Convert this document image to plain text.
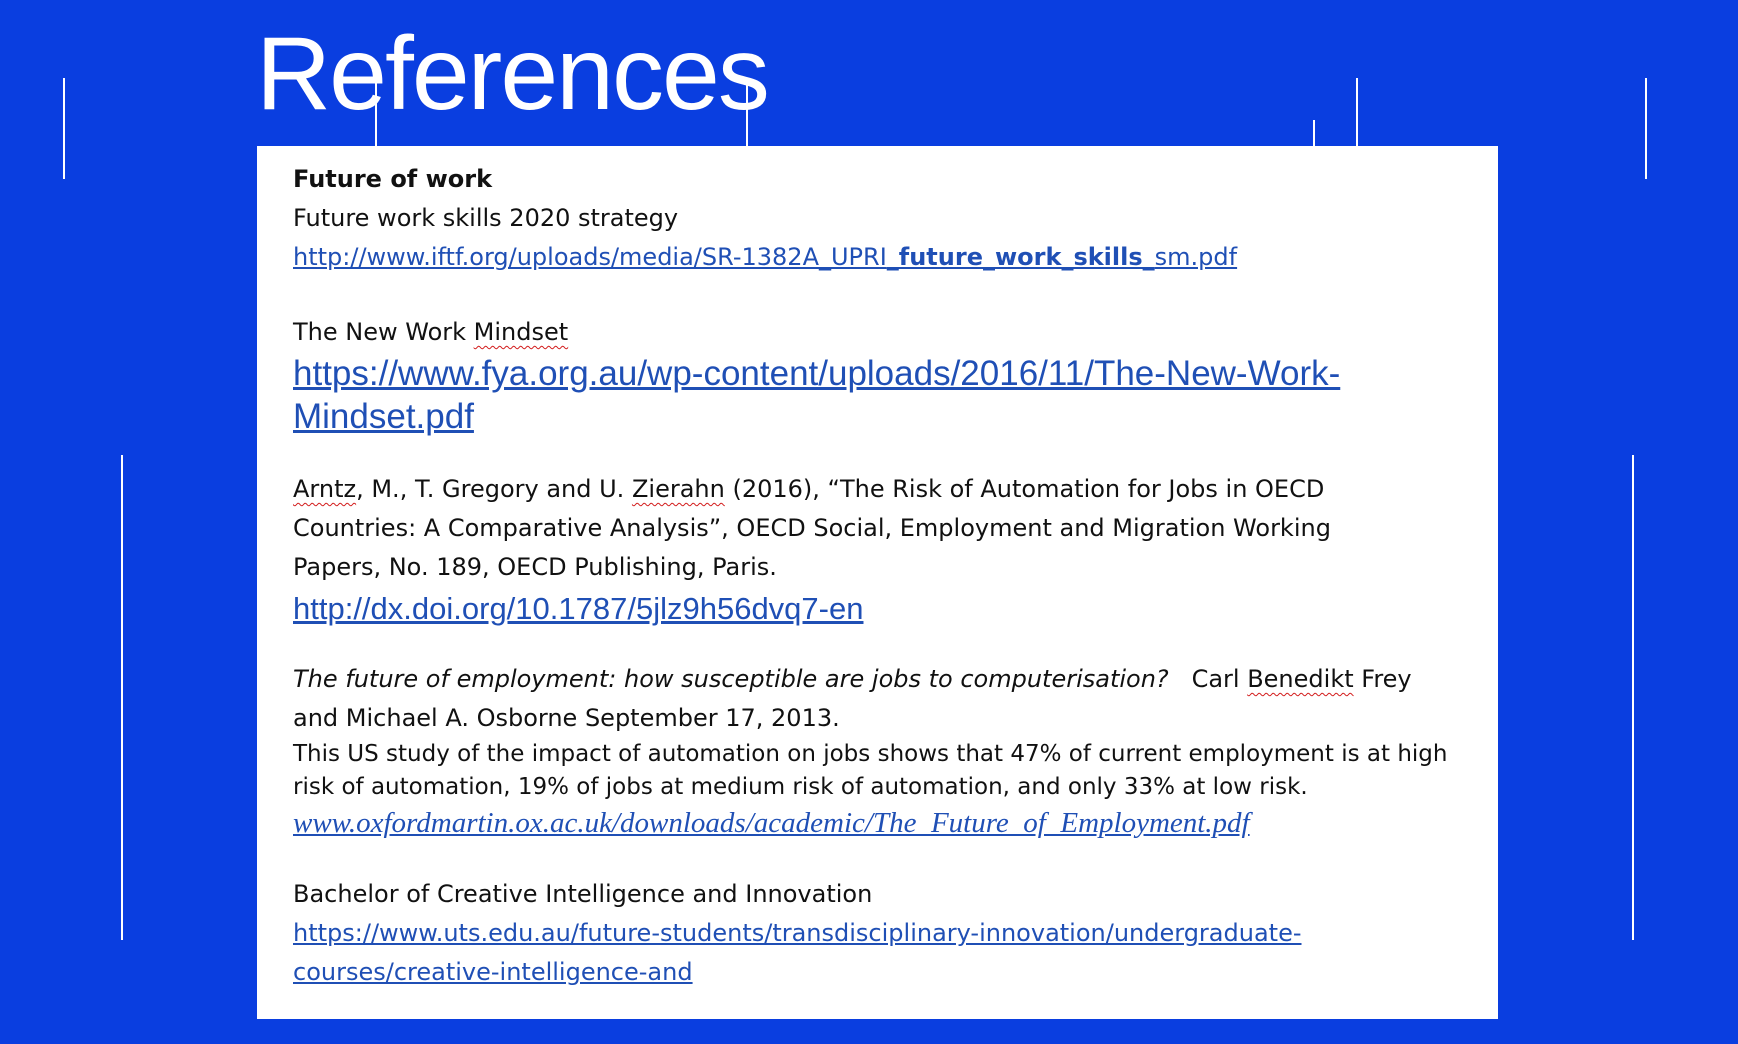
References

Future of work

Future work skills 2020 strategy

http://www.iftf.org/uploads/media/SR-1382A_UPRI_future_work_skills_sm.pdf

The New Work Mindset

https://www.fya.org.au/wp-content/uploads/2016/11/The-New-Work-

Mindset.pdf

Arntz, M., T. Gregory and U. Zierahn (2016), “The Risk of Automation for Jobs in OECD

Countries: A Comparative Analysis”, OECD Social, Employment and Migration Working

Papers, No. 189, OECD Publishing, Paris.

http://dx.doi.org/10.1787/5jlz9h56dvq7-en

The future of employment: how susceptible are jobs to computerisation? Carl Benedikt Frey

and Michael A. Osborne September 17, 2013.

This US study of the impact of automation on jobs shows that 47% of current employment is at high

risk of automation, 19% of jobs at medium risk of automation, and only 33% at low risk.

www.oxfordmartin.ox.ac.uk/downloads/academic/The_Future_of_Employment.pdf

Bachelor of Creative Intelligence and Innovation

https://www.uts.edu.au/future-students/transdisciplinary-innovation/undergraduate-

courses/creative-intelligence-and
